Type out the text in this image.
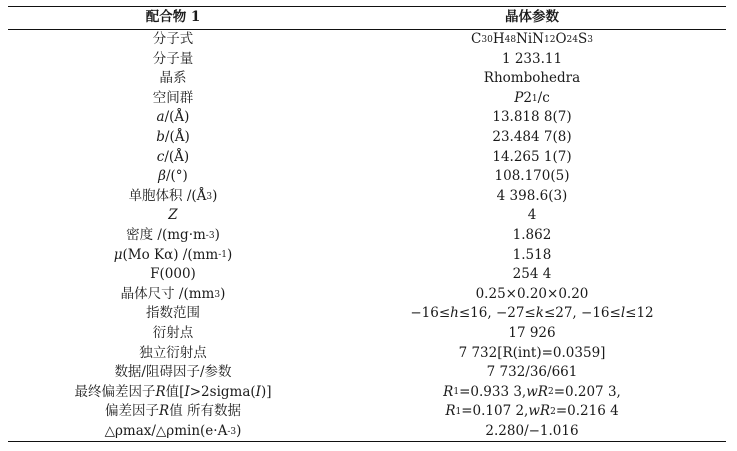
配合物 1	晶体参数
分子式	C 30 H 48 NiN 12 O 24 S 3
分子量	1 233.11
晶系	Rhombohedra
空间群	P 2 1 /c
a /(Å)	13.818 8(7)
b /(Å)	23.484 7(8)
c /(Å)	14.265 1(7)
β /(°)	108.170(5)
单胞体积 /(Å 3 )	4 398.6(3)
Z	4
密度 /(mg·m -3 )	1.862
μ (Mo Kα) /(mm -1 )	1.518
F(000)	254 4
晶体尺寸 /(mm 3 )	0.25×0.20×0.20
指数范围	−16≤ h ≤16, −27≤ k ≤27, −16≤ l ≤12
衍射点	17 926
独立衍射点	7 732[R(int)=0.0359]
数据/阻碍因子/参数	7 732/36/661
最终偏差因子 R 值[ I >2sigma( I )]	R 1 =0.933 3, wR 2 =0.207 3,
偏差因子 R 值 所有数据	R 1 =0.107 2, wR 2 =0.216 4
△ρmax/△ρmin(e·A -3 )	2.280/−1.016
